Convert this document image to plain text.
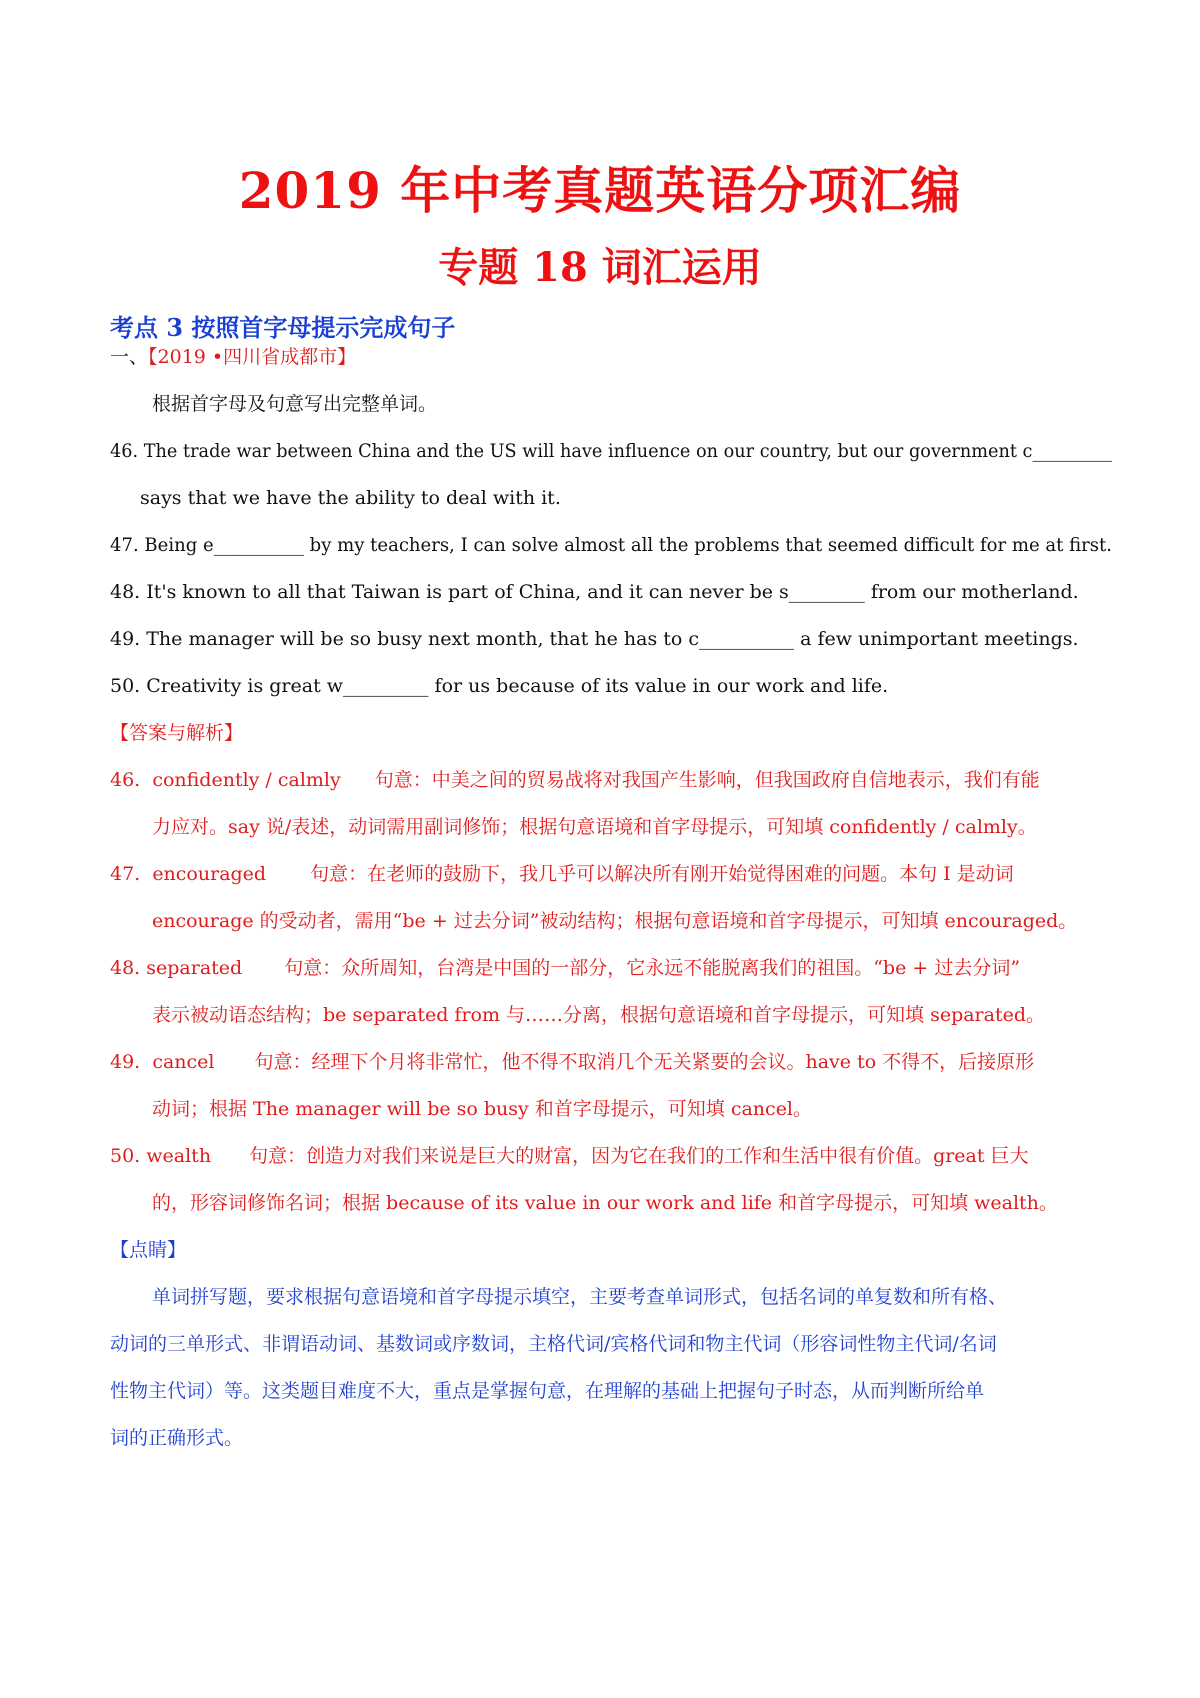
2019 年中考真题英语分项汇编
专题 18 词汇运用
考点 3 按照首字母提示完成句子
一、【2019 •四川省成都市】
根据首字母及句意写出完整单词。
46. The trade war between China and the US will have influence on our country, but our government c_________
says that we have the ability to deal with it.
47. Being e__________ by my teachers, I can solve almost all the problems that seemed difficult for me at first.
48. It's known to all that Taiwan is part of China, and it can never be s________ from our motherland.
49. The manager will be so busy next month, that he has to c__________ a few unimportant meetings.
50. Creativity is great w_________ for us because of its value in our work and life.
【答案与解析】
46. confidently / calmly 句意：中美之间的贸易战将对我国产生影响，但我国政府自信地表示，我们有能
力应对。say 说/表述，动词需用副词修饰；根据句意语境和首字母提示，可知填 confidently / calmly。
47. encouraged 句意：在老师的鼓励下，我几乎可以解决所有刚开始觉得困难的问题。本句 I 是动词
encourage 的受动者，需用“be + 过去分词”被动结构；根据句意语境和首字母提示，可知填 encouraged。
48. separated 句意：众所周知，台湾是中国的一部分，它永远不能脱离我们的祖国。“be + 过去分词”
表示被动语态结构；be separated from 与……分离，根据句意语境和首字母提示，可知填 separated。
49. cancel 句意：经理下个月将非常忙，他不得不取消几个无关紧要的会议。have to 不得不，后接原形
动词；根据 The manager will be so busy 和首字母提示，可知填 cancel。
50. wealth 句意：创造力对我们来说是巨大的财富，因为它在我们的工作和生活中很有价值。great 巨大
的，形容词修饰名词；根据 because of its value in our work and life 和首字母提示，可知填 wealth。
【点睛】
单词拼写题，要求根据句意语境和首字母提示填空，主要考查单词形式，包括名词的单复数和所有格、
动词的三单形式、非谓语动词、基数词或序数词，主格代词/宾格代词和物主代词（形容词性物主代词/名词
性物主代词）等。这类题目难度不大，重点是掌握句意，在理解的基础上把握句子时态，从而判断所给单
词的正确形式。
